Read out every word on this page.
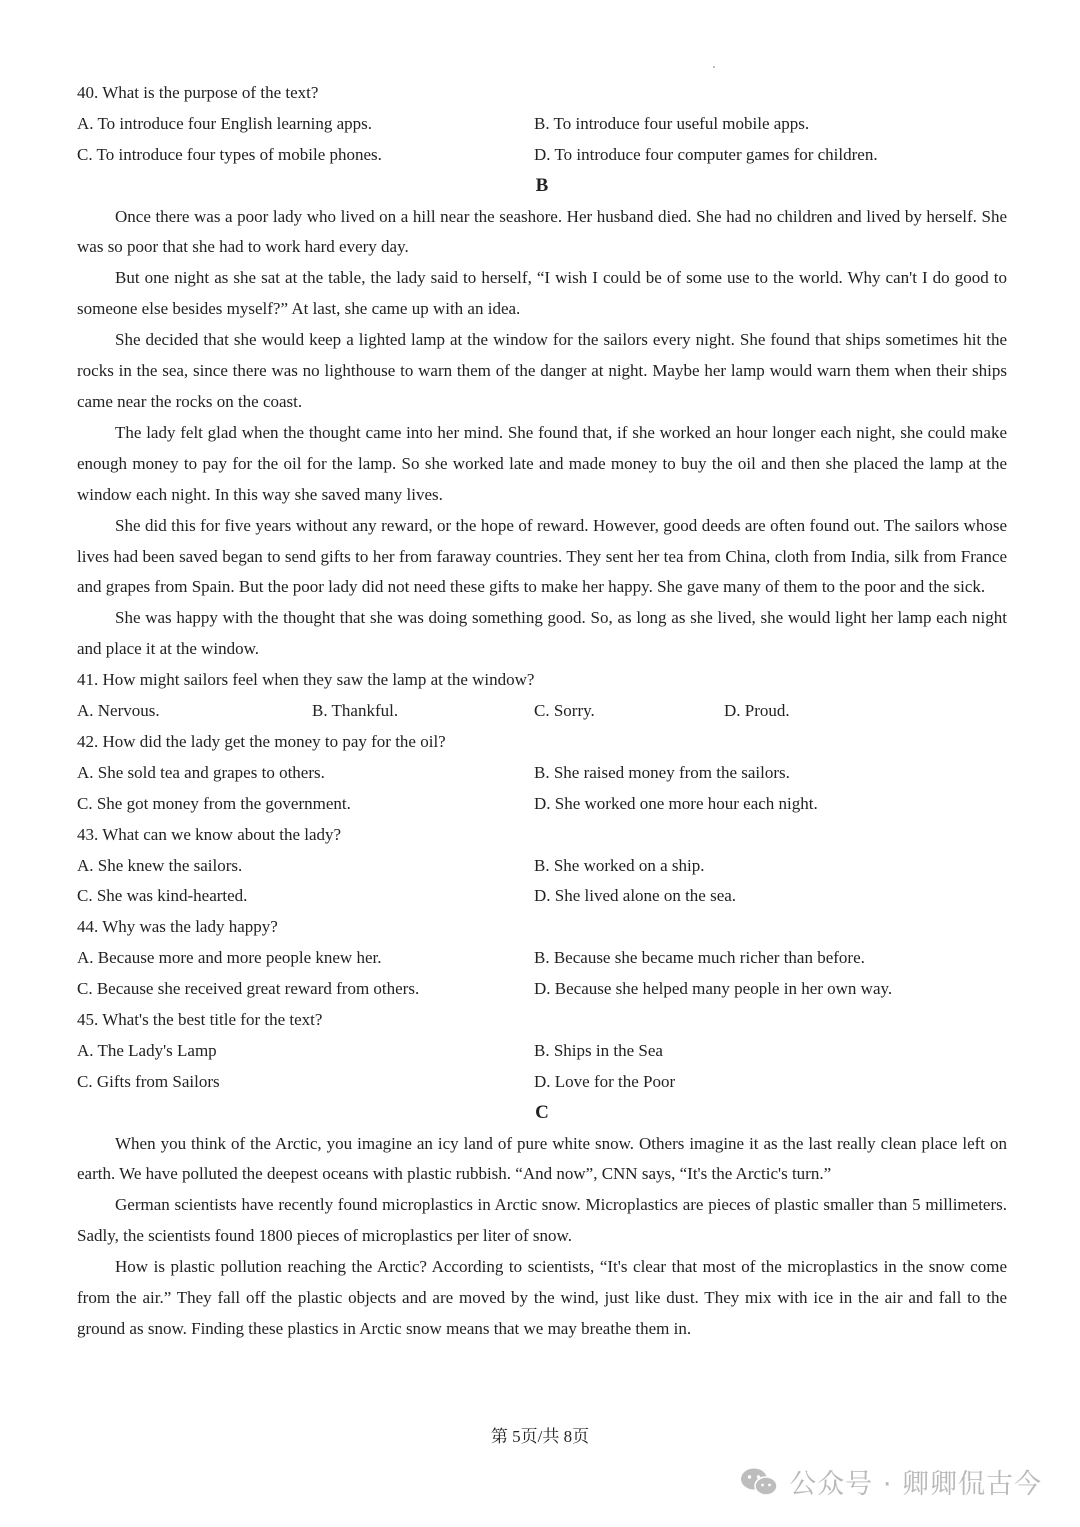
40. What is the purpose of the text?
A. To introduce four English learning apps.	B. To introduce four useful mobile apps.
C. To introduce four types of mobile phones.	D. To introduce four computer games for children.
B

Once there was a poor lady who lived on a hill near the seashore. Her husband died. She had no children and lived by herself. She was so poor that she had to work hard every day.

But one night as she sat at the table, the lady said to herself, “I wish I could be of some use to the world. Why can't I do good to someone else besides myself?” At last, she came up with an idea.

She decided that she would keep a lighted lamp at the window for the sailors every night. She found that ships sometimes hit the rocks in the sea, since there was no lighthouse to warn them of the danger at night. Maybe her lamp would warn them when their ships came near the rocks on the coast.

The lady felt glad when the thought came into her mind. She found that, if she worked an hour longer each night, she could make enough money to pay for the oil for the lamp. So she worked late and made money to buy the oil and then she placed the lamp at the window each night. In this way she saved many lives.

She did this for five years without any reward, or the hope of reward. However, good deeds are often found out. The sailors whose lives had been saved began to send gifts to her from faraway countries. They sent her tea from China, cloth from India, silk from France and grapes from Spain. But the poor lady did not need these gifts to make her happy. She gave many of them to the poor and the sick.

She was happy with the thought that she was doing something good. So, as long as she lived, she would light her lamp each night and place it at the window.

41. How might sailors feel when they saw the lamp at the window?
A. Nervous.	B. Thankful.	C. Sorry.	D. Proud.
42. How did the lady get the money to pay for the oil?
A. She sold tea and grapes to others.	B. She raised money from the sailors.
C. She got money from the government.	D. She worked one more hour each night.
43. What can we know about the lady?
A. She knew the sailors.	B. She worked on a ship.
C. She was kind-hearted.	D. She lived alone on the sea.
44. Why was the lady happy?
A. Because more and more people knew her.	B. Because she became much richer than before.
C. Because she received great reward from others.	D. Because she helped many people in her own way.
45. What's the best title for the text?
A. The Lady's Lamp	B. Ships in the Sea
C. Gifts from Sailors	D. Love for the Poor
C

When you think of the Arctic, you imagine an icy land of pure white snow. Others imagine it as the last really clean place left on earth. We have polluted the deepest oceans with plastic rubbish. “And now”, CNN says, “It's the Arctic's turn.”

German scientists have recently found microplastics in Arctic snow. Microplastics are pieces of plastic smaller than 5 millimeters. Sadly, the scientists found 1800 pieces of microplastics per liter of snow.

How is plastic pollution reaching the Arctic? According to scientists, “It's clear that most of the microplastics in the snow come from the air.” They fall off the plastic objects and are moved by the wind, just like dust. They mix with ice in the air and fall to the ground as snow. Finding these plastics in Arctic snow means that we may breathe them in.

第 5页/共 8页
公众号 · 卿卿侃古今
